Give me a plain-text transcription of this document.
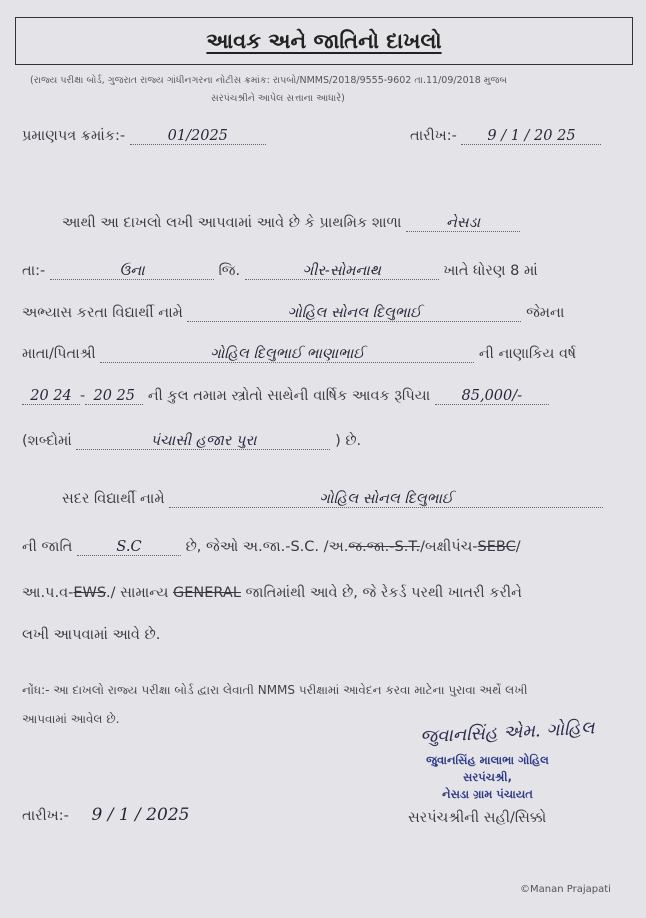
આવક અને જાતિનો દાખલો
(રાજ્ય પરીક્ષા બોર્ડ, ગુજરાત રાજ્ય ગાંધીનગરના નોટીસ ક્રમાંક: રાપબો/NMMS/2018/9555-9602 તા.11/09/2018 મુજબ
સરપંચશ્રીને આપેલ સત્તાના આધારે)
પ્રમાણપત્ર ક્રમાંક:-	01/2025	તારીખ:- 9 / 1 / 20 25
આથી આ દાખલો લખી આપવામાં આવે છે કે પ્રાથમિક શાળા	નેસડા
તા:-	ઉના	જિ.	ગીર-સોમનાથ	ખાતે ધોરણ 8 માં
અભ્યાસ કરતા વિદ્યાર્થી નામે	ગોહિલ સોનલ દિલુભાઈ	જેમના
માતા/પિતાશ્રી	ગોહિલ દિલુભાઈ ભાણાભાઈ	ની નાણાકિય વર્ષ
20 24 - 20 25 ની કુલ તમામ સ્ત્રોતો સાથેની વાર્ષિક આવક રૂપિયા 85,000/-
(શબ્દોમાં	પંચાસી હજાર પુરા	) છે.
સદર વિદ્યાર્થી નામે	ગોહિલ સોનલ દિલુભાઈ
ની જાતિ	S.C	છે, જેઓ અ.જા.-S.C. /અ.જ.જા.-S.T./બક્ષીપંચ-SEBC/
આ.પ.વ-EWS./ સામાન્ય GENERAL જાતિમાંથી આવે છે, જે રેકર્ડ પરથી ખાતરી કરીને
લખી આપવામાં આવે છે.
નોંધ:- આ દાખલો રાજ્ય પરીક્ષા બોર્ડ દ્વારા લેવાતી NMMS પરીક્ષામાં આવેદન કરવા માટેના પુરાવા અર્થે લખી
આપવામાં આવેલ છે.	જુવાનસિંહ એમ. ગોહિલ
જુવાનસિંહ માલાભા ગોહિલ
સરપંચશ્રી,
નેસડા ગ્રામ પંચાયત
તારીખ:- 9 / 1 / 2025	સરપંચશ્રીની સહી/સિક્કો
©Manan Prajapati
